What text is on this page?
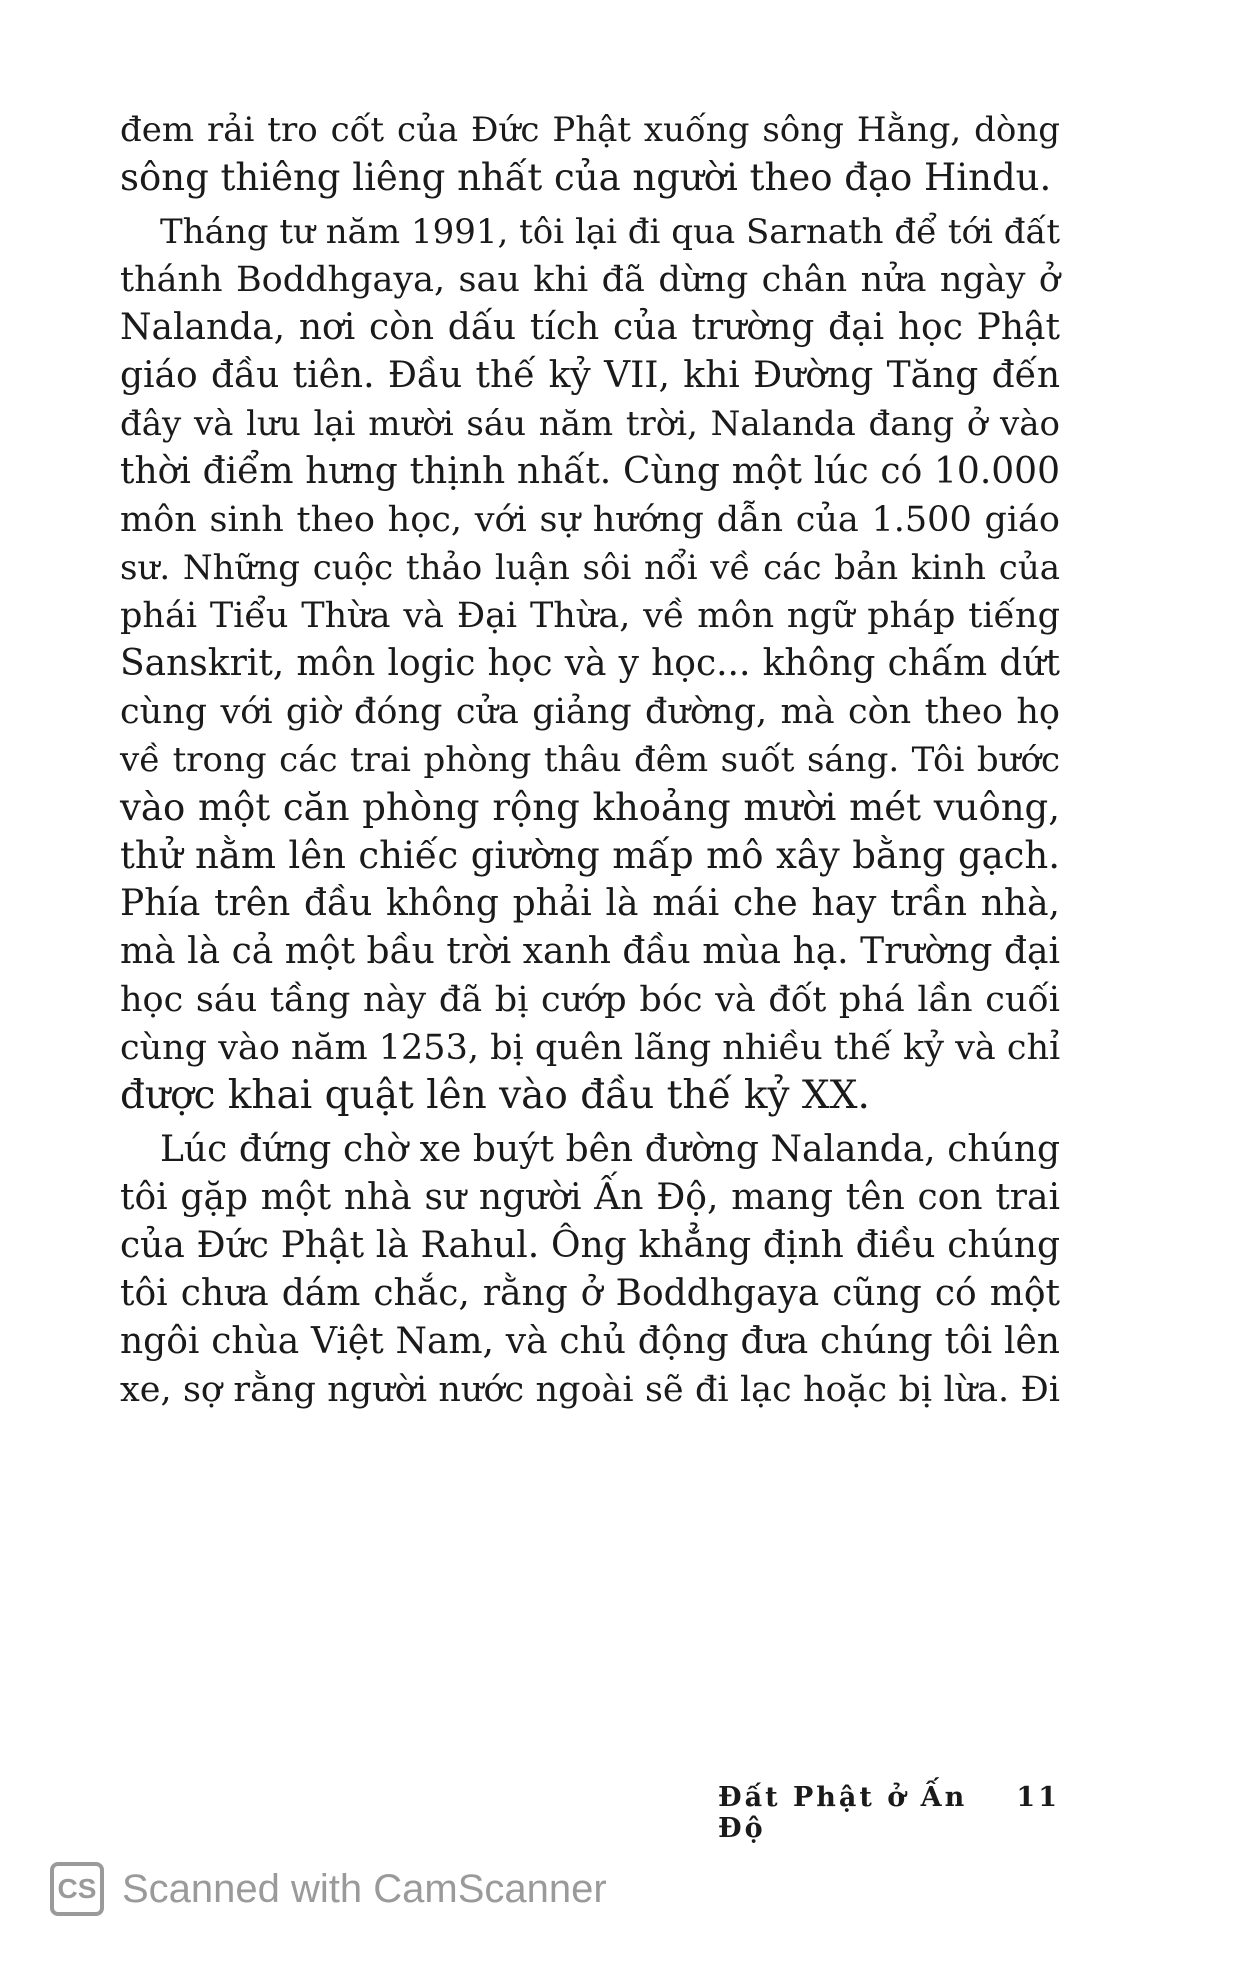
đem rải tro cốt của Đức Phật xuống sông Hằng, dòng
sông thiêng liêng nhất của người theo đạo Hindu.
Tháng tư năm 1991, tôi lại đi qua Sarnath để tới đất
thánh Boddhgaya, sau khi đã dừng chân nửa ngày ở
Nalanda, nơi còn dấu tích của trường đại học Phật
giáo đầu tiên. Đầu thế kỷ VII, khi Đường Tăng đến
đây và lưu lại mười sáu năm trời, Nalanda đang ở vào
thời điểm hưng thịnh nhất. Cùng một lúc có 10.000
môn sinh theo học, với sự hướng dẫn của 1.500 giáo
sư. Những cuộc thảo luận sôi nổi về các bản kinh của
phái Tiểu Thừa và Đại Thừa, về môn ngữ pháp tiếng
Sanskrit, môn logic học và y học... không chấm dứt
cùng với giờ đóng cửa giảng đường, mà còn theo họ
về trong các trai phòng thâu đêm suốt sáng. Tôi bước
vào một căn phòng rộng khoảng mười mét vuông,
thử nằm lên chiếc giường mấp mô xây bằng gạch.
Phía trên đầu không phải là mái che hay trần nhà,
mà là cả một bầu trời xanh đầu mùa hạ. Trường đại
học sáu tầng này đã bị cướp bóc và đốt phá lần cuối
cùng vào năm 1253, bị quên lãng nhiều thế kỷ và chỉ
được khai quật lên vào đầu thế kỷ XX.
Lúc đứng chờ xe buýt bên đường Nalanda, chúng
tôi gặp một nhà sư người Ấn Độ, mang tên con trai
của Đức Phật là Rahul. Ông khẳng định điều chúng
tôi chưa dám chắc, rằng ở Boddhgaya cũng có một
ngôi chùa Việt Nam, và chủ động đưa chúng tôi lên
xe, sợ rằng người nước ngoài sẽ đi lạc hoặc bị lừa. Đi
Đất Phật ở Ấn Độ
11
CS Scanned with CamScanner
